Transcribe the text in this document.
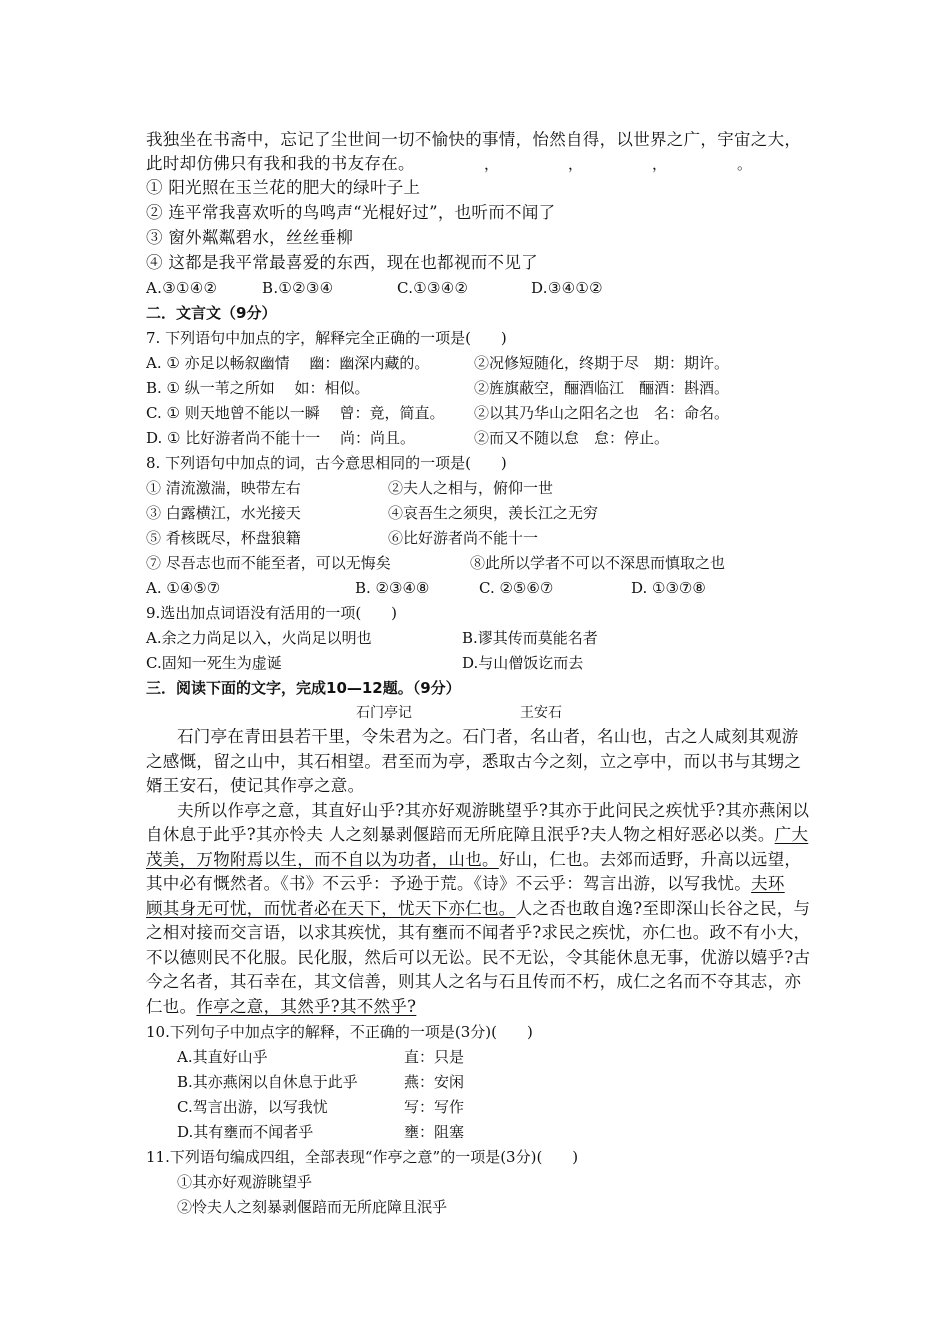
我独坐在书斋中，忘记了尘世间一切不愉快的事情，怡然自得，以世界之广，宇宙之大，
此时却仿佛只有我和我的书友存在。	，	，	，	。
① 阳光照在玉兰花的肥大的绿叶子上
② 连平常我喜欢听的鸟鸣声“光棍好过”，也听而不闻了
③ 窗外粼粼碧水，丝丝垂柳
④ 这都是我平常最喜爱的东西，现在也都视而不见了
A.③①④②	B.①②③④	C.①③④②	D.③④①②
二．文言文（9分）
7. 下列语句中加点的字，解释完全正确的一项是(　　)
A. ① 亦足以畅叙幽情　 幽：幽深内藏的。	②况修短随化，终期于尽　期：期许。
B. ① 纵一苇之所如　 如：相似。	②旌旗蔽空，酾酒临江　酾酒：斟酒。
C. ① 则天地曾不能以一瞬　 曾：竟，简直。 ②以其乃华山之阳名之也　名：命名。
D. ① 比好游者尚不能十一　 尚：尚且。	②而又不随以怠　怠：停止。
8. 下列语句中加点的词，古今意思相同的一项是(　　)
① 清流激湍，映带左右	②夫人之相与，俯仰一世
③ 白露横江，水光接天	④哀吾生之须臾，羡长江之无穷
⑤ 肴核既尽，杯盘狼籍	⑥比好游者尚不能十一
⑦ 尽吾志也而不能至者，可以无悔矣	⑧此所以学者不可以不深思而慎取之也
A. ①④⑤⑦	B. ②③④⑧	C. ②⑤⑥⑦	D. ①③⑦⑧
9.选出加点词语没有活用的一项(　　)
A.余之力尚足以入，火尚足以明也	B.谬其传而莫能名者
C.固知一死生为虚诞	D.与山僧饭讫而去
三．阅读下面的文字，完成10—12题。（9分）
石门亭记	王安石
石门亭在青田县若干里，令朱君为之。石门者，名山者，名山也，古之人咸刻其观游
之感慨，留之山中，其石相望。君至而为亭，悉取古今之刻，立之亭中，而以书与其甥之
婿王安石，使记其作亭之意。
夫所以作亭之意，其直好山乎?其亦好观游眺望乎?其亦于此问民之疾忧乎?其亦燕闲以
自休息于此乎?其亦怜夫 人之刻暴剥偃踣而无所庇障且泯乎?夫人物之相好恶必以类。广大
茂美，万物附焉以生，而不自以为功者，山也。好山，仁也。去郊而适野，升高以远望，
其中必有慨然者。《书》不云乎：予逊于荒。《诗》不云乎：驾言出游，以写我忧。夫环
顾其身无可忧，而忧者必在天下，忧天下亦仁也。人之否也敢自逸?至即深山长谷之民，与
之相对接而交言语，以求其疾忧，其有壅而不闻者乎?求民之疾忧，亦仁也。政不有小大，
不以德则民不化服。民化服，然后可以无讼。民不无讼，令其能休息无事，优游以嬉乎?古
今之名者，其石幸在，其文信善，则其人之名与石且传而不朽，成仁之名而不夺其志，亦
仁也。作亭之意，其然乎?其不然乎?
10.下列句子中加点字的解释，不正确的一项是(3分)(　　)
A.其直好山乎	直：只是
B.其亦燕闲以自休息于此乎	燕：安闲
C.驾言出游，以写我忧	写：写作
D.其有壅而不闻者乎	壅：阻塞
11.下列语句编成四组，全部表现“作亭之意”的一项是(3分)(　　)
①其亦好观游眺望乎
②怜夫人之刻暴剥偃踣而无所庇障且泯乎
